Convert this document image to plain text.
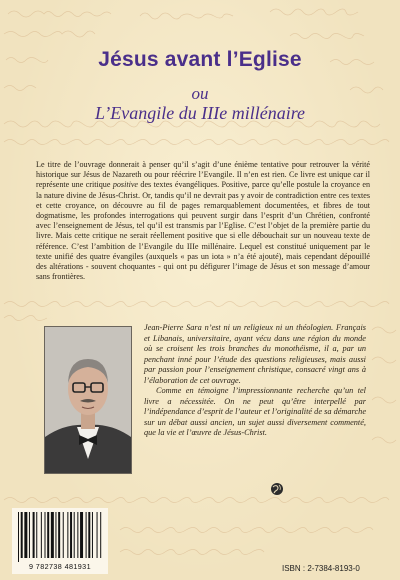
Jésus avant l’Eglise
ou
L’Evangile du IIIe millénaire
Le titre de l’ouvrage donnerait à penser qu’il s’agit d’une énième tentative pour retrouver la vérité historique sur Jésus de Nazareth ou pour réécrire l’Evangile. Il n’en est rien. Ce livre est unique car il représente une critique positive des textes évangéliques. Positive, parce qu’elle postule la croyance en la nature divine de Jésus-Christ. Or, tandis qu’il ne devrait pas y avoir de contradiction entre ces textes et cette croyance, on découvre au fil de pages remarquablement documentées, et fibres de tout dogmatisme, les profondes interrogations qui peuvent surgir dans l’esprit d’un Chrétien, confronté avec l’enseignement de Jésus, tel qu’il est transmis par l’Eglise. C’est l’objet de la première partie du livre. Mais cette critique ne serait réellement positive que si elle débouchait sur un nouveau texte de référence. C’est l’ambition de l’Evangile du IIIe millénaire. Lequel est constitué uniquement par le texte unifié des quatre évangiles (auxquels « pas un iota » n’a été ajouté), mais cependant dépouillé des altérations - souvent choquantes - qui ont pu défigurer l’image de Jésus et son message d’amour sans frontières.

Jean-Pierre Sara n’est ni un religieux ni un théologien. Français et Libanais, universitaire, ayant vécu dans une région du monde où se croisent les trois branches du monothéisme, il a, par un penchant inné pour l’étude des questions religieuses, mais aussi par passion pour l’enseignement christique, consacré vingt ans à l’élaboration de cet ouvrage.

Comme en témoigne l’impressionnante recherche qu’un tel livre a nécessitée. On ne peut qu’être interpellé par l’indépendance d’esprit de l’auteur et l’originalité de sa démarche sur un débat aussi ancien, un sujet aussi diversement commenté, que la vie et l’œuvre de Jésus-Christ.

9 782738 481931	ISBN : 2-7384-8193-0
